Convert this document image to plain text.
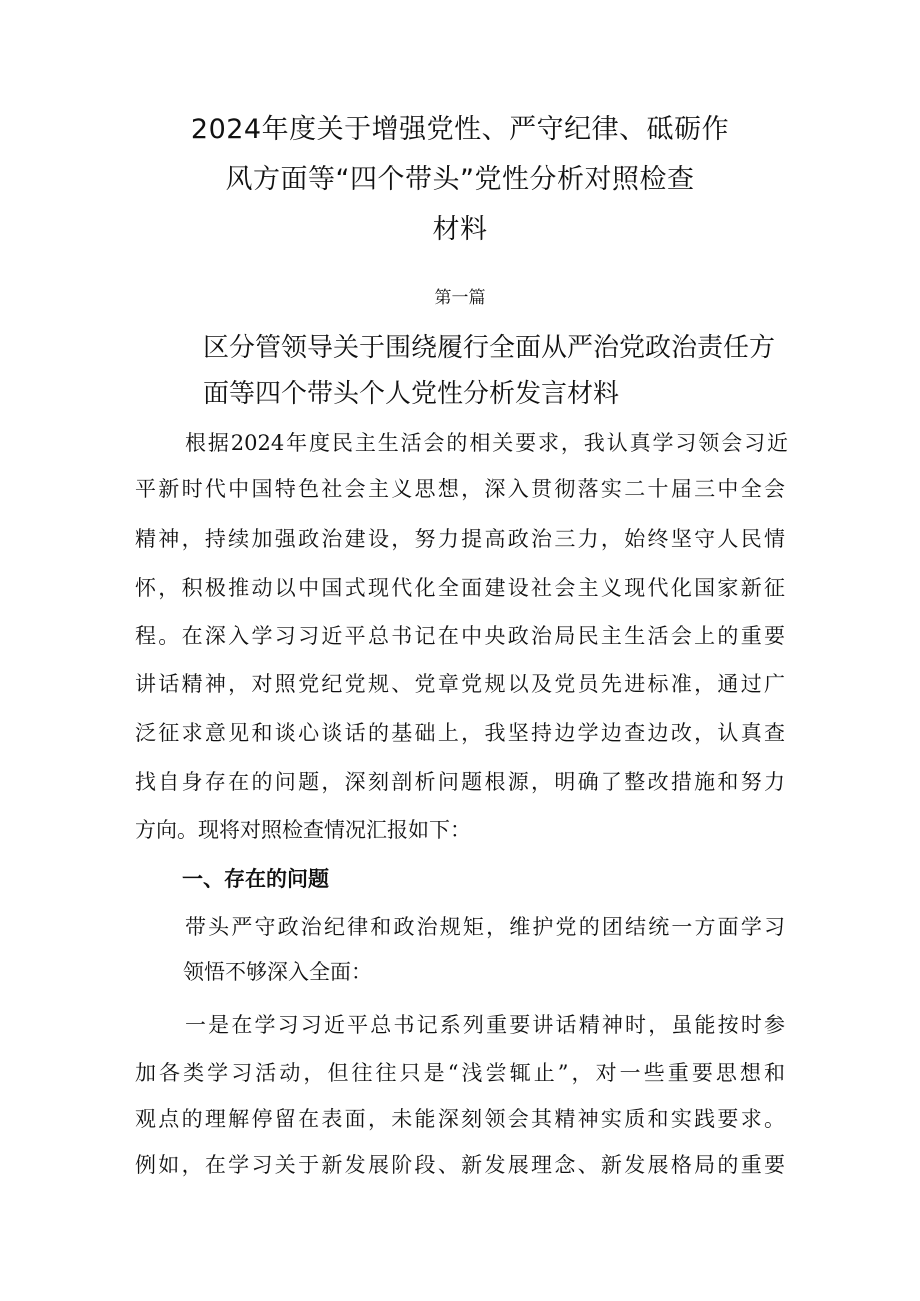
2024年度关于增强党性、严守纪律、砥砺作
风方面等“四个带头”党性分析对照检查
材料
第一篇
区分管领导关于围绕履行全面从严治党政治责任方
面等四个带头个人党性分析发言材料
根据2024年度民主生活会的相关要求，我认真学习领会习近
平新时代中国特色社会主义思想，深入贯彻落实二十届三中全会
精神，持续加强政治建设，努力提高政治三力，始终坚守人民情
怀，积极推动以中国式现代化全面建设社会主义现代化国家新征
程。在深入学习习近平总书记在中央政治局民主生活会上的重要
讲话精神，对照党纪党规、党章党规以及党员先进标准，通过广
泛征求意见和谈心谈话的基础上，我坚持边学边查边改，认真查
找自身存在的问题，深刻剖析问题根源，明确了整改措施和努力
方向。现将对照检查情况汇报如下：
一、存在的问题
带头严守政治纪律和政治规矩，维护党的团结统一方面学习
领悟不够深入全面：
一是在学习习近平总书记系列重要讲话精神时，虽能按时参
加各类学习活动，但往往只是“浅尝辄止”，对一些重要思想和
观点的理解停留在表面，未能深刻领会其精神实质和实践要求。
例如，在学习关于新发展阶段、新发展理念、新发展格局的重要
